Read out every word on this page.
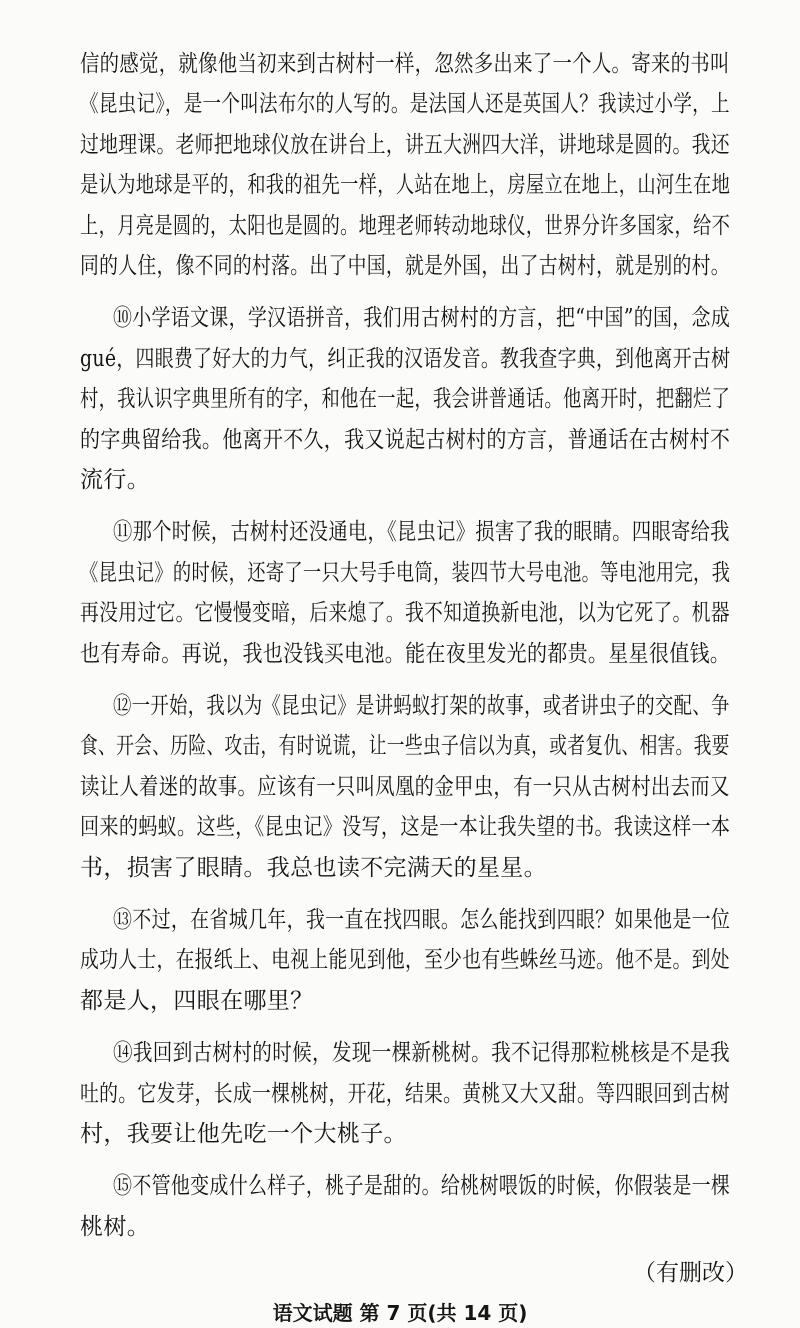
信的感觉，就像他当初来到古树村一样，忽然多出来了一个人。寄来的书叫
《昆虫记》，是一个叫法布尔的人写的。是法国人还是英国人？我读过小学，上
过地理课。老师把地球仪放在讲台上，讲五大洲四大洋，讲地球是圆的。我还
是认为地球是平的，和我的祖先一样，人站在地上，房屋立在地上，山河生在地
上，月亮是圆的，太阳也是圆的。地理老师转动地球仪，世界分许多国家，给不
同的人住，像不同的村落。出了中国，就是外国，出了古树村，就是别的村。
⑩小学语文课，学汉语拼音，我们用古树村的方言，把“中国”的国，念成
gué，四眼费了好大的力气，纠正我的汉语发音。教我查字典，到他离开古树
村，我认识字典里所有的字，和他在一起，我会讲普通话。他离开时，把翻烂了
的字典留给我。他离开不久，我又说起古树村的方言，普通话在古树村不
流行。
⑪那个时候，古树村还没通电，《昆虫记》损害了我的眼睛。四眼寄给我
《昆虫记》的时候，还寄了一只大号手电筒，装四节大号电池。等电池用完，我
再没用过它。它慢慢变暗，后来熄了。我不知道换新电池，以为它死了。机器
也有寿命。再说，我也没钱买电池。能在夜里发光的都贵。星星很值钱。
⑫一开始，我以为《昆虫记》是讲蚂蚁打架的故事，或者讲虫子的交配、争
食、开会、历险、攻击，有时说谎，让一些虫子信以为真，或者复仇、相害。我要
读让人着迷的故事。应该有一只叫凤凰的金甲虫，有一只从古树村出去而又
回来的蚂蚁。这些，《昆虫记》没写，这是一本让我失望的书。我读这样一本
书，损害了眼睛。我总也读不完满天的星星。
⑬不过，在省城几年，我一直在找四眼。怎么能找到四眼？如果他是一位
成功人士，在报纸上、电视上能见到他，至少也有些蛛丝马迹。他不是。到处
都是人，四眼在哪里？
⑭我回到古树村的时候，发现一棵新桃树。我不记得那粒桃核是不是我
吐的。它发芽，长成一棵桃树，开花，结果。黄桃又大又甜。等四眼回到古树
村，我要让他先吃一个大桃子。
⑮不管他变成什么样子，桃子是甜的。给桃树喂饭的时候，你假装是一棵
桃树。
（有删改）
语文试题 第 7 页(共 14 页)
